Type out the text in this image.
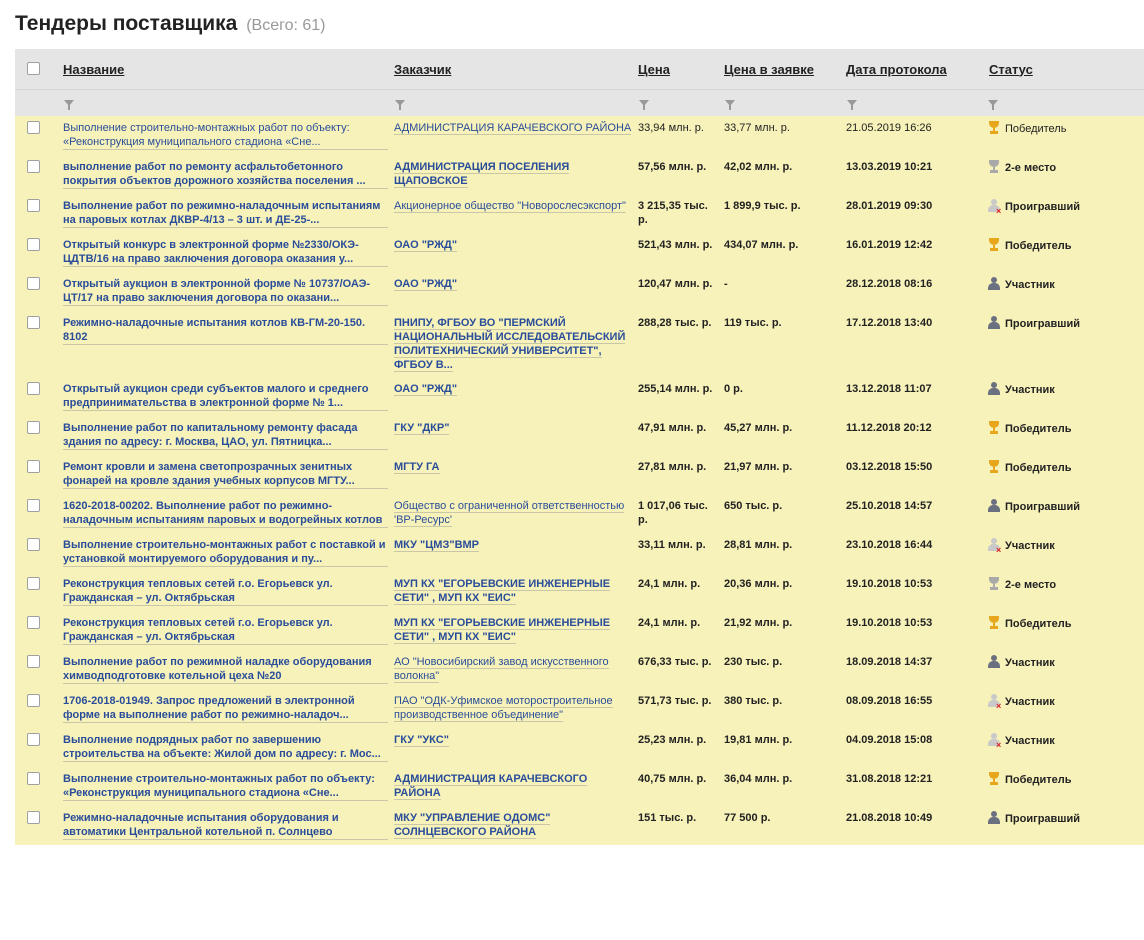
Тендеры поставщика (Всего: 61)
	Название	Заказчик	Цена	Цена в заявке	Дата протокола	Статус

	Выполнение строительно-монтажных работ по объекту: «Реконструкция муниципального стадиона «Сне...	АДМИНИСТРАЦИЯ КАРАЧЕВСКОГО РАЙОНА	33,94 млн. р.	33,77 млн. р.	21.05.2019 16:26	Победитель

	выполнение работ по ремонту асфальтобетонного покрытия объектов дорожного хозяйства поселения ...	АДМИНИСТРАЦИЯ ПОСЕЛЕНИЯ ЩАПОВСКОЕ	57,56 млн. р.	42,02 млн. р.	13.03.2019 10:21	2-е место

	Выполнение работ по режимно-наладочным испытаниям на паровых котлах ДКВР-4/13 – 3 шт. и ДЕ-25-...	Акционерное общество "Новорослесэкспорт"	3 215,35 тыс. р.	1 899,9 тыс. р.	28.01.2019 09:30	× Проигравший

	Открытый конкурс в электронной форме №2330/ОКЭ-ЦДТВ/16 на право заключения договора оказания у...	ОАО "РЖД"	521,43 млн. р.	434,07 млн. р.	16.01.2019 12:42	Победитель

	Открытый аукцион в электронной форме № 10737/ОАЭ-ЦТ/17 на право заключения договора по оказани...	ОАО "РЖД"	120,47 млн. р.	-	28.12.2018 08:16	Участник

	Режимно-наладочные испытания котлов КВ-ГМ-20-150. 8102	ПНИПУ, ФГБОУ ВО "ПЕРМСКИЙ НАЦИОНАЛЬНЫЙ ИССЛЕДОВАТЕЛЬСКИЙ ПОЛИТЕХНИЧЕСКИЙ УНИВЕРСИТЕТ", ФГБОУ В...	288,28 тыс. р.	119 тыс. р.	17.12.2018 13:40	Проигравший

	Открытый аукцион среди субъектов малого и среднего предпринимательства в электронной форме № 1...	ОАО "РЖД"	255,14 млн. р.	0 р.	13.12.2018 11:07	Участник

	Выполнение работ по капитальному ремонту фасада здания по адресу: г. Москва, ЦАО, ул. Пятницка...	ГКУ "ДКР"	47,91 млн. р.	45,27 млн. р.	11.12.2018 20:12	Победитель

	Ремонт кровли и замена светопрозрачных зенитных фонарей на кровле здания учебных корпусов МГТУ...	МГТУ ГА	27,81 млн. р.	21,97 млн. р.	03.12.2018 15:50	Победитель

	1620-2018-00202. Выполнение работ по режимно-наладочным испытаниям паровых и водогрейных котлов	Общество с ограниченной ответственностью 'ВР-Ресурс'	1 017,06 тыс. р.	650 тыс. р.	25.10.2018 14:57	Проигравший

	Выполнение строительно-монтажных работ с поставкой и установкой монтируемого оборудования и пу...	МКУ "ЦМЗ"ВМР	33,11 млн. р.	28,81 млн. р.	23.10.2018 16:44	× Участник

	Реконструкция тепловых сетей г.о. Егорьевск ул. Гражданская – ул. Октябрьская	МУП КХ "ЕГОРЬЕВСКИЕ ИНЖЕНЕРНЫЕ СЕТИ" , МУП КХ "ЕИС"	24,1 млн. р.	20,36 млн. р.	19.10.2018 10:53	2-е место

	Реконструкция тепловых сетей г.о. Егорьевск ул. Гражданская – ул. Октябрьская	МУП КХ "ЕГОРЬЕВСКИЕ ИНЖЕНЕРНЫЕ СЕТИ" , МУП КХ "ЕИС"	24,1 млн. р.	21,92 млн. р.	19.10.2018 10:53	Победитель

	Выполнение работ по режимной наладке оборудования химводподготовке котельной цеха №20	АО "Новосибирский завод искусственного волокна"	676,33 тыс. р.	230 тыс. р.	18.09.2018 14:37	Участник

	1706-2018-01949. Запрос предложений в электронной форме на выполнение работ по режимно-наладоч...	ПАО "ОДК-Уфимское моторостроительное производственное объединение"	571,73 тыс. р.	380 тыс. р.	08.09.2018 16:55	× Участник

	Выполнение подрядных работ по завершению строительства на объекте: Жилой дом по адресу: г. Мос...	ГКУ "УКС"	25,23 млн. р.	19,81 млн. р.	04.09.2018 15:08	× Участник

	Выполнение строительно-монтажных работ по объекту: «Реконструкция муниципального стадиона «Сне...	АДМИНИСТРАЦИЯ КАРАЧЕВСКОГО РАЙОНА	40,75 млн. р.	36,04 млн. р.	31.08.2018 12:21	Победитель

	Режимно-наладочные испытания оборудования и автоматики Центральной котельной п. Солнцево	МКУ "УПРАВЛЕНИЕ ОДОМС" СОЛНЦЕВСКОГО РАЙОНА	151 тыс. р.	77 500 р.	21.08.2018 10:49	Проигравший
